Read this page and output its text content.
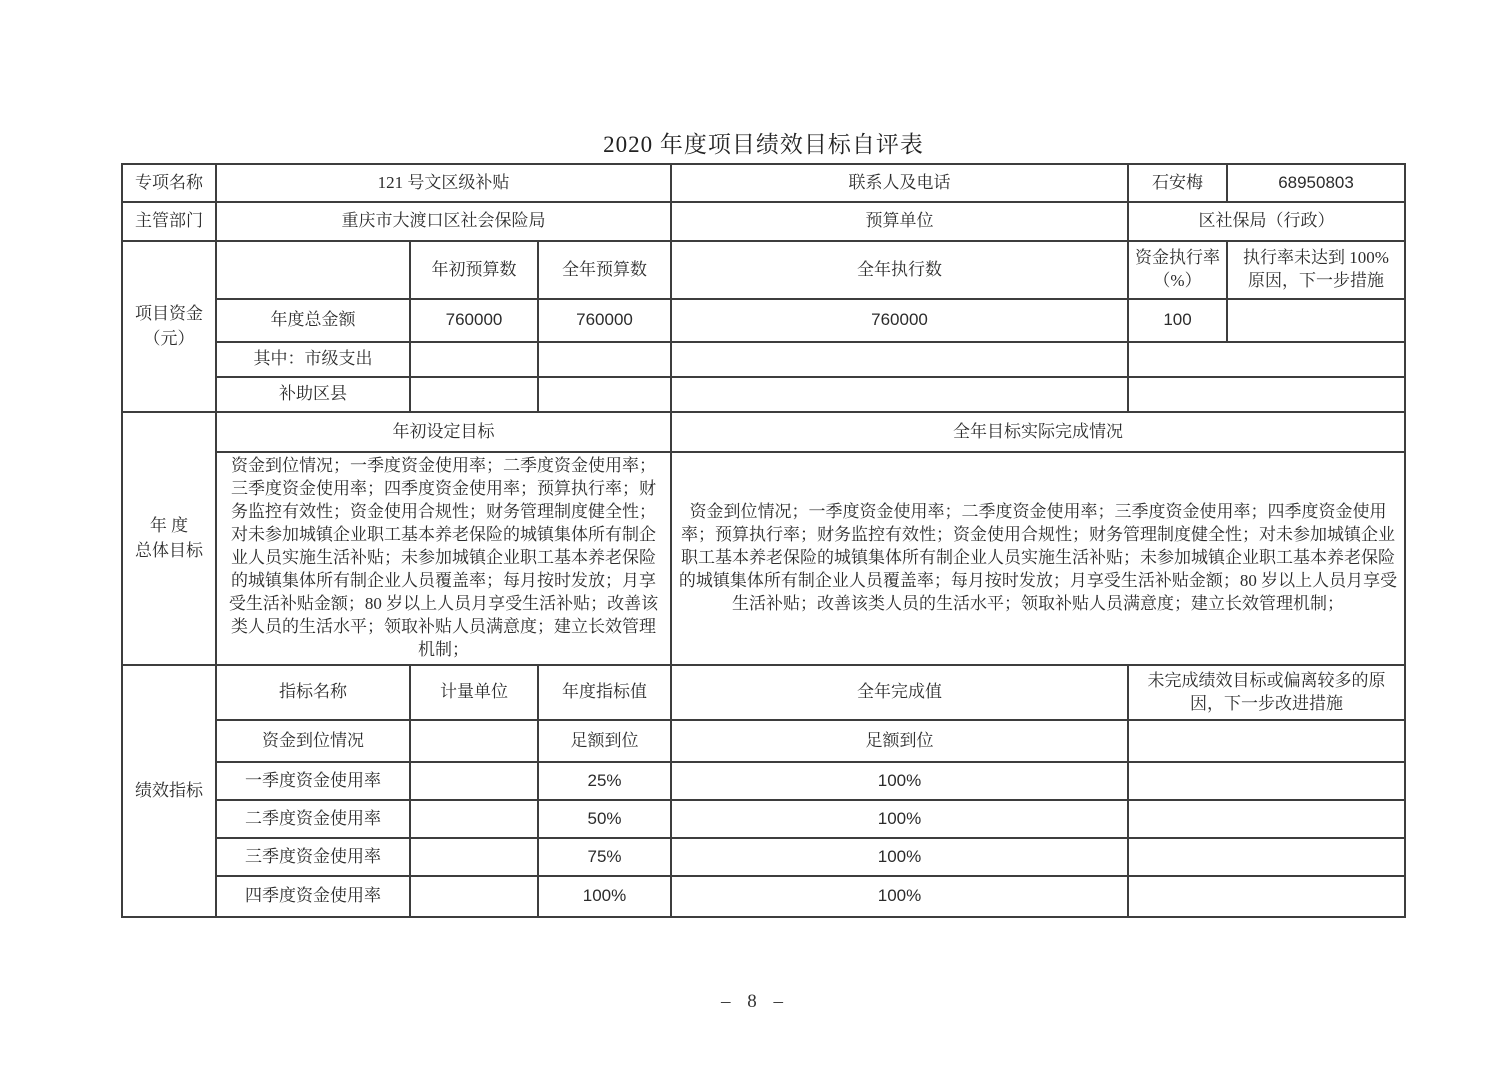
2020 年度项目绩效目标自评表
专项名称	121 号文区级补贴			联系人及电话	石安梅	68950803
主管部门	重庆市大渡口区社会保险局			预算单位	区社保局（行政）	

项目资金
（元）		年初预算数	全年预算数	全年执行数	资金执行率（%）	执行率未达到 100% 原因，下一步措施
	年度总金额	760000	760000	760000	100	
	其中：市级支出					
	补助区县					

年 度
总体目标	年初设定目标			全年目标实际完成情况		
资金到位情况；一季度资金使用率；二季度资金使用率；三季度资金使用率；四季度资金使用率；预算执行率；财务监控有效性；资金使用合规性；财务管理制度健全性；对未参加城镇企业职工基本养老保险的城镇集体所有制企业人员实施生活补贴；未参加城镇企业职工基本养老保险的城镇集体所有制企业人员覆盖率；每月按时发放；月享受生活补贴金额；80 岁以上人员月享受生活补贴；改善该类人员的生活水平；领取补贴人员满意度；建立长效管理机制；	资金到位情况；一季度资金使用率；二季度资金使用率；三季度资金使用率；四季度资金使用率；预算执行率；财务监控有效性；资金使用合规性；财务管理制度健全性；对未参加城镇企业职工基本养老保险的城镇集体所有制企业人员实施生活补贴；未参加城镇企业职工基本养老保险的城镇集体所有制企业人员覆盖率；每月按时发放；月享受生活补贴金额；80 岁以上人员月享受生活补贴；改善该类人员的生活水平；领取补贴人员满意度；建立长效管理机制；
绩效指标	指标名称	计量单位	年度指标值	全年完成值	未完成绩效目标或偏离较多的原因，下一步改进措施	
	资金到位情况		足额到位	足额到位		
	一季度资金使用率		25%	100%		
	二季度资金使用率		50%	100%		
	三季度资金使用率		75%	100%		
	四季度资金使用率		100%	100%		
– 8 –
